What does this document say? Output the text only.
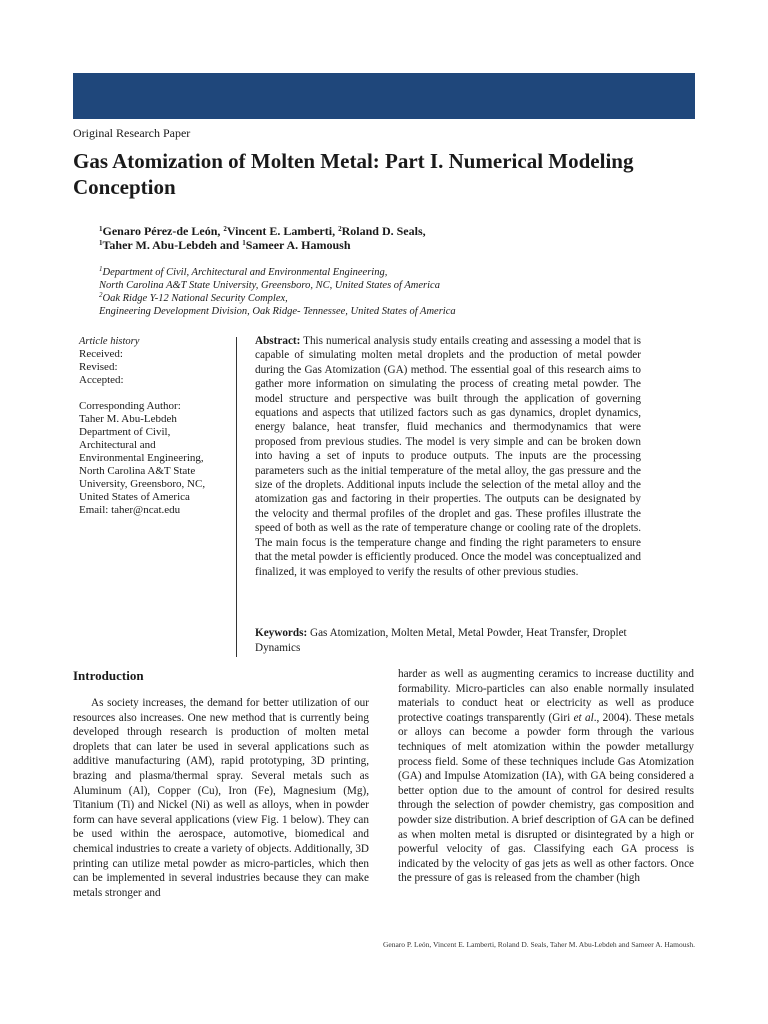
Original Research Paper
Gas Atomization of Molten Metal: Part I. Numerical Modeling Conception

$^1$Genaro Pérez-de León, $^2$Vincent E. Lamberti, $^2$Roland D. Seals,

$^1$Taher M. Abu-Lebdeh and $^1$Sameer A. Hamoush

$^1$Department of Civil, Architectural and Environmental Engineering,

North Carolina A&T State University, Greensboro, NC, United States of America

$^2$Oak Ridge Y-12 National Security Complex,

Engineering Development Division, Oak Ridge- Tennessee, United States of America

Article history
Received:
Revised:
Accepted:
Corresponding Author:
Taher M. Abu-Lebdeh
Department of Civil,
Architectural and
Environmental Engineering,
North Carolina A&T State
University, Greensboro, NC,
United States of America
Email: taher@ncat.edu

Abstract: This numerical analysis study entails creating and assessing a model that is capable of simulating molten metal droplets and the production of metal powder during the Gas Atomization (GA) method. The essential goal of this research aims to gather more information on simulating the process of creating metal powder. The model structure and perspective was built through the application of governing equations and aspects that utilized factors such as gas dynamics, droplet dynamics, energy balance, heat transfer, fluid mechanics and thermodynamics that were proposed from previous studies. The model is very simple and can be broken down into having a set of inputs to produce outputs. The inputs are the processing parameters such as the initial temperature of the metal alloy, the gas pressure and the size of the droplets. Additional inputs include the selection of the metal alloy and the atomization gas and factoring in their properties. The outputs can be designated by the velocity and thermal profiles of the droplet and gas. These profiles illustrate the speed of both as well as the rate of temperature change or cooling rate of the droplets. The main focus is the temperature change and finding the right parameters to ensure that the metal powder is efficiently produced. Once the model was conceptualized and finalized, it was employed to verify the results of other previous studies.

Keywords: Gas Atomization, Molten Metal, Metal Powder, Heat Transfer, Droplet Dynamics

Introduction

As society increases, the demand for better utilization of our resources also increases. One new method that is currently being developed through research is production of molten metal droplets that can later be used in several applications such as additive manufacturing (AM), rapid prototyping, 3D printing, brazing and plasma/thermal spray. Several metals such as Aluminum (Al), Copper (Cu), Iron (Fe), Magnesium (Mg), Titanium (Ti) and Nickel (Ni) as well as alloys, when in powder form can have several applications (view Fig. 1 below). They can be used within the aerospace, automotive, biomedical and chemical industries to create a variety of objects. Additionally, 3D printing can utilize metal powder as micro-particles, which then can be implemented in several industries because they can make metals stronger and

harder as well as augmenting ceramics to increase ductility and formability. Micro-particles can also enable normally insulated materials to conduct heat or electricity as well as produce protective coatings transparently (Giri et al., 2004). These metals or alloys can become a powder form through the various techniques of melt atomization within the powder metallurgy process field. Some of these techniques include Gas Atomization (GA) and Impulse Atomization (IA), with GA being considered a better option due to the amount of control for desired results through the selection of powder chemistry, gas composition and powder size distribution. A brief description of GA can be defined as when molten metal is disrupted or disintegrated by a high or powerful velocity of gas. Classifying each GA process is indicated by the velocity of gas jets as well as other factors. Once the pressure of gas is released from the chamber (high

Genaro P. León, Vincent E. Lamberti, Roland D. Seals, Taher M. Abu-Lebdeh and Sameer A. Hamoush.
